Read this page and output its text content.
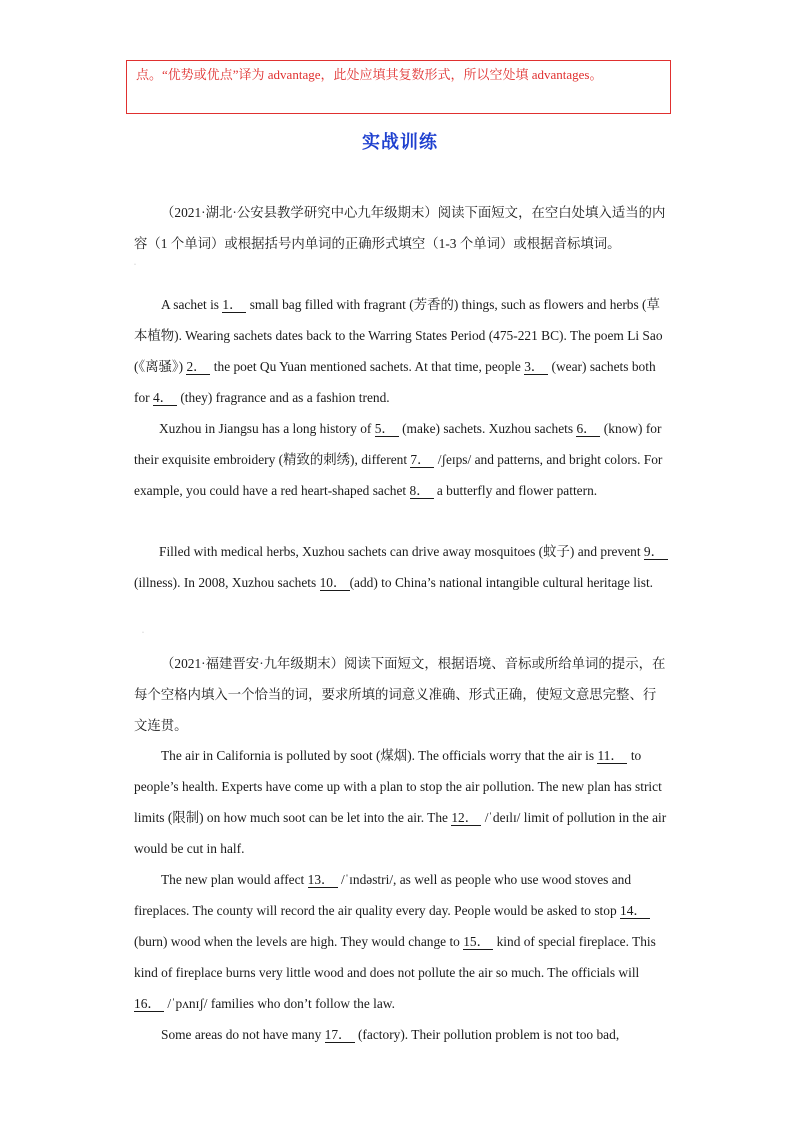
点。“优势或优点”译为 advantage，此处应填其复数形式，所以空处填 advantages。
实战训练

（2021·湖北·公安县教学研究中心九年级期末）阅读下面短文，在空白处填入适当的内容（1 个单词）或根据括号内单词的正确形式填空（1-3 个单词）或根据音标填词。

·

A sachet is 1． small bag filled with fragrant (芳香的) things, such as flowers and herbs (草本植物). Wearing sachets dates back to the Warring States Period (475-221 BC). The poem Li Sao (《离骚》) 2． the poet Qu Yuan mentioned sachets. At that time, people 3． (wear) sachets both for 4． (they) fragrance and as a fashion trend.

Xuzhou in Jiangsu has a long history of 5． (make) sachets. Xuzhou sachets 6． (know) for their exquisite embroidery (精致的刺绣), different 7． /ʃeɪps/ and patterns, and bright colors. For example, you could have a red heart-shaped sachet 8． a butterfly and flower pattern.

Filled with medical herbs, Xuzhou sachets can drive away mosquitoes (蚊子) and prevent 9． (illness). In 2008, Xuzhou sachets 10． (add) to China’s national intangible cultural heritage list.

·

（2021·福建晋安·九年级期末）阅读下面短文，根据语境、音标或所给单词的提示，在每个空格内填入一个恰当的词，要求所填的词意义准确、形式正确，使短文意思完整、行文连贯。

The air in California is polluted by soot (煤烟). The officials worry that the air is 11． to people’s health. Experts have come up with a plan to stop the air pollution. The new plan has strict limits (限制) on how much soot can be let into the air. The 12． /ˈdeɪlɪ/ limit of pollution in the air would be cut in half.

The new plan would affect 13． /ˈɪndəstri/, as well as people who use wood stoves and fireplaces. The county will record the air quality every day. People would be asked to stop 14． (burn) wood when the levels are high. They would change to 15． kind of special fireplace. This kind of fireplace burns very little wood and does not pollute the air so much. The officials will 16． /ˈpʌnɪʃ/ families who don’t follow the law.

Some areas do not have many 17． (factory). Their pollution problem is not too bad,
